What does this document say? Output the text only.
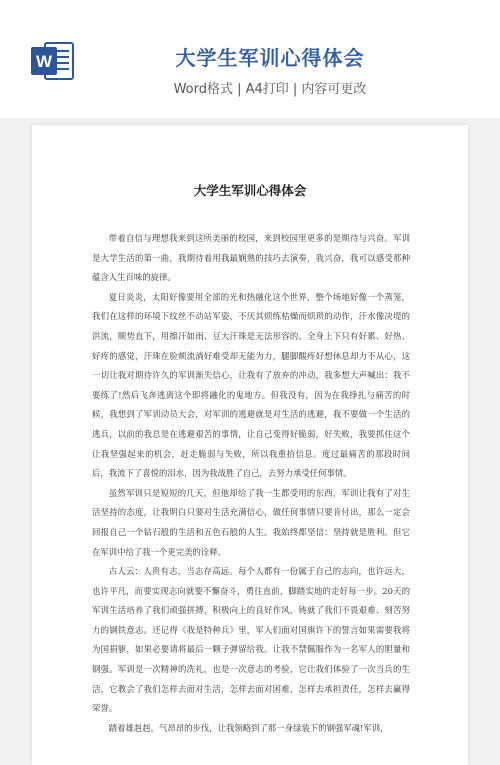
W	大学生军训心得体会
Word格式 | A4打印 | 内容可更改
大学生军训心得体会

带着自信与理想我来到这所美丽的校园，来到校园里更多的是期待与兴奋。军训是大学生活的第一曲，我期待着用我最娴熟的技巧去演奏，我兴奋，我可以感受那种蕴含人生百味的旋律。

夏日炎炎，太阳好像要用全部的光和热融化这个世界，整个场地好像一个蒸笼，我们在这样的环境下纹丝不动站军姿，不厌其烦练枯燥而烦琐的动作，汗水像决堤的洪流，顺势直下，用擦汗如雨、豆大汗珠是无法形容的。全身上下只有好累、好热、好疼的感觉，汗珠在脸颊流淌好难受却无能为力，腿脚酸疼好想休息却力不从心，这一切让我对期待许久的军训渐失信心，让我有了放弃的冲动，我多想大声喊出：我不要练了!然后飞奔逃离这个即将融化的鬼地方。但我没有，因为在我挣扎与痛苦的时候，我想到了军训动员大会，对军训的逃避就是对生活的逃避，我不要做一个生活的逃兵，以前的我总是在逃避艰苦的事情，让自己变得好脆弱，好失败，我要抓住这个让我坚强起来的机会，赶走脆弱与失败，所以我重拾信息。度过最痛苦的那段时间后，我流下了喜悦的泪水，因为我战胜了自己，去努力承受任何事情。

虽然军训只是短短的几天，但他却给了我一生都受用的东西，军训让我有了对生活坚持的态度，让我明白只要对生活充满信心，做任何事情只要肯付出，那么一定会回报自己一个钻石般的生活和五色石般的人生。我始终都坚信：坚持就是胜利。但它在军训中给了我一个更完美的诠释。

古人云：人贵有志，当志存高远。每个人都有一份属于自己的志向，也许远大，也许平凡，而要实现志向就要不懈奋斗，勇往直前，脚踏实地的走好每一步。20天的军训生活培养了我们顽强拼搏，积极向上的良好作风，铸就了我们不畏艰难、刻苦努力的钢铁意志。还记得《我是特种兵》里，军人们面对国旗许下的誓言如果需要我将为国捐躯，如果必要请将最后一颗子弹留给我。让我不禁佩服作为一名军人的胆量和钢强。军训是一次精神的洗礼，也是一次意志的考验，它让我们体验了一次当兵的生活，它教会了我们怎样去面对生活，怎样去面对困难，怎样去承担责任，怎样去赢得荣誉。

踏着雄赳赳，气昂昂的步伐，让我领略到了那一身绿装下的钢强军魂!军训，
